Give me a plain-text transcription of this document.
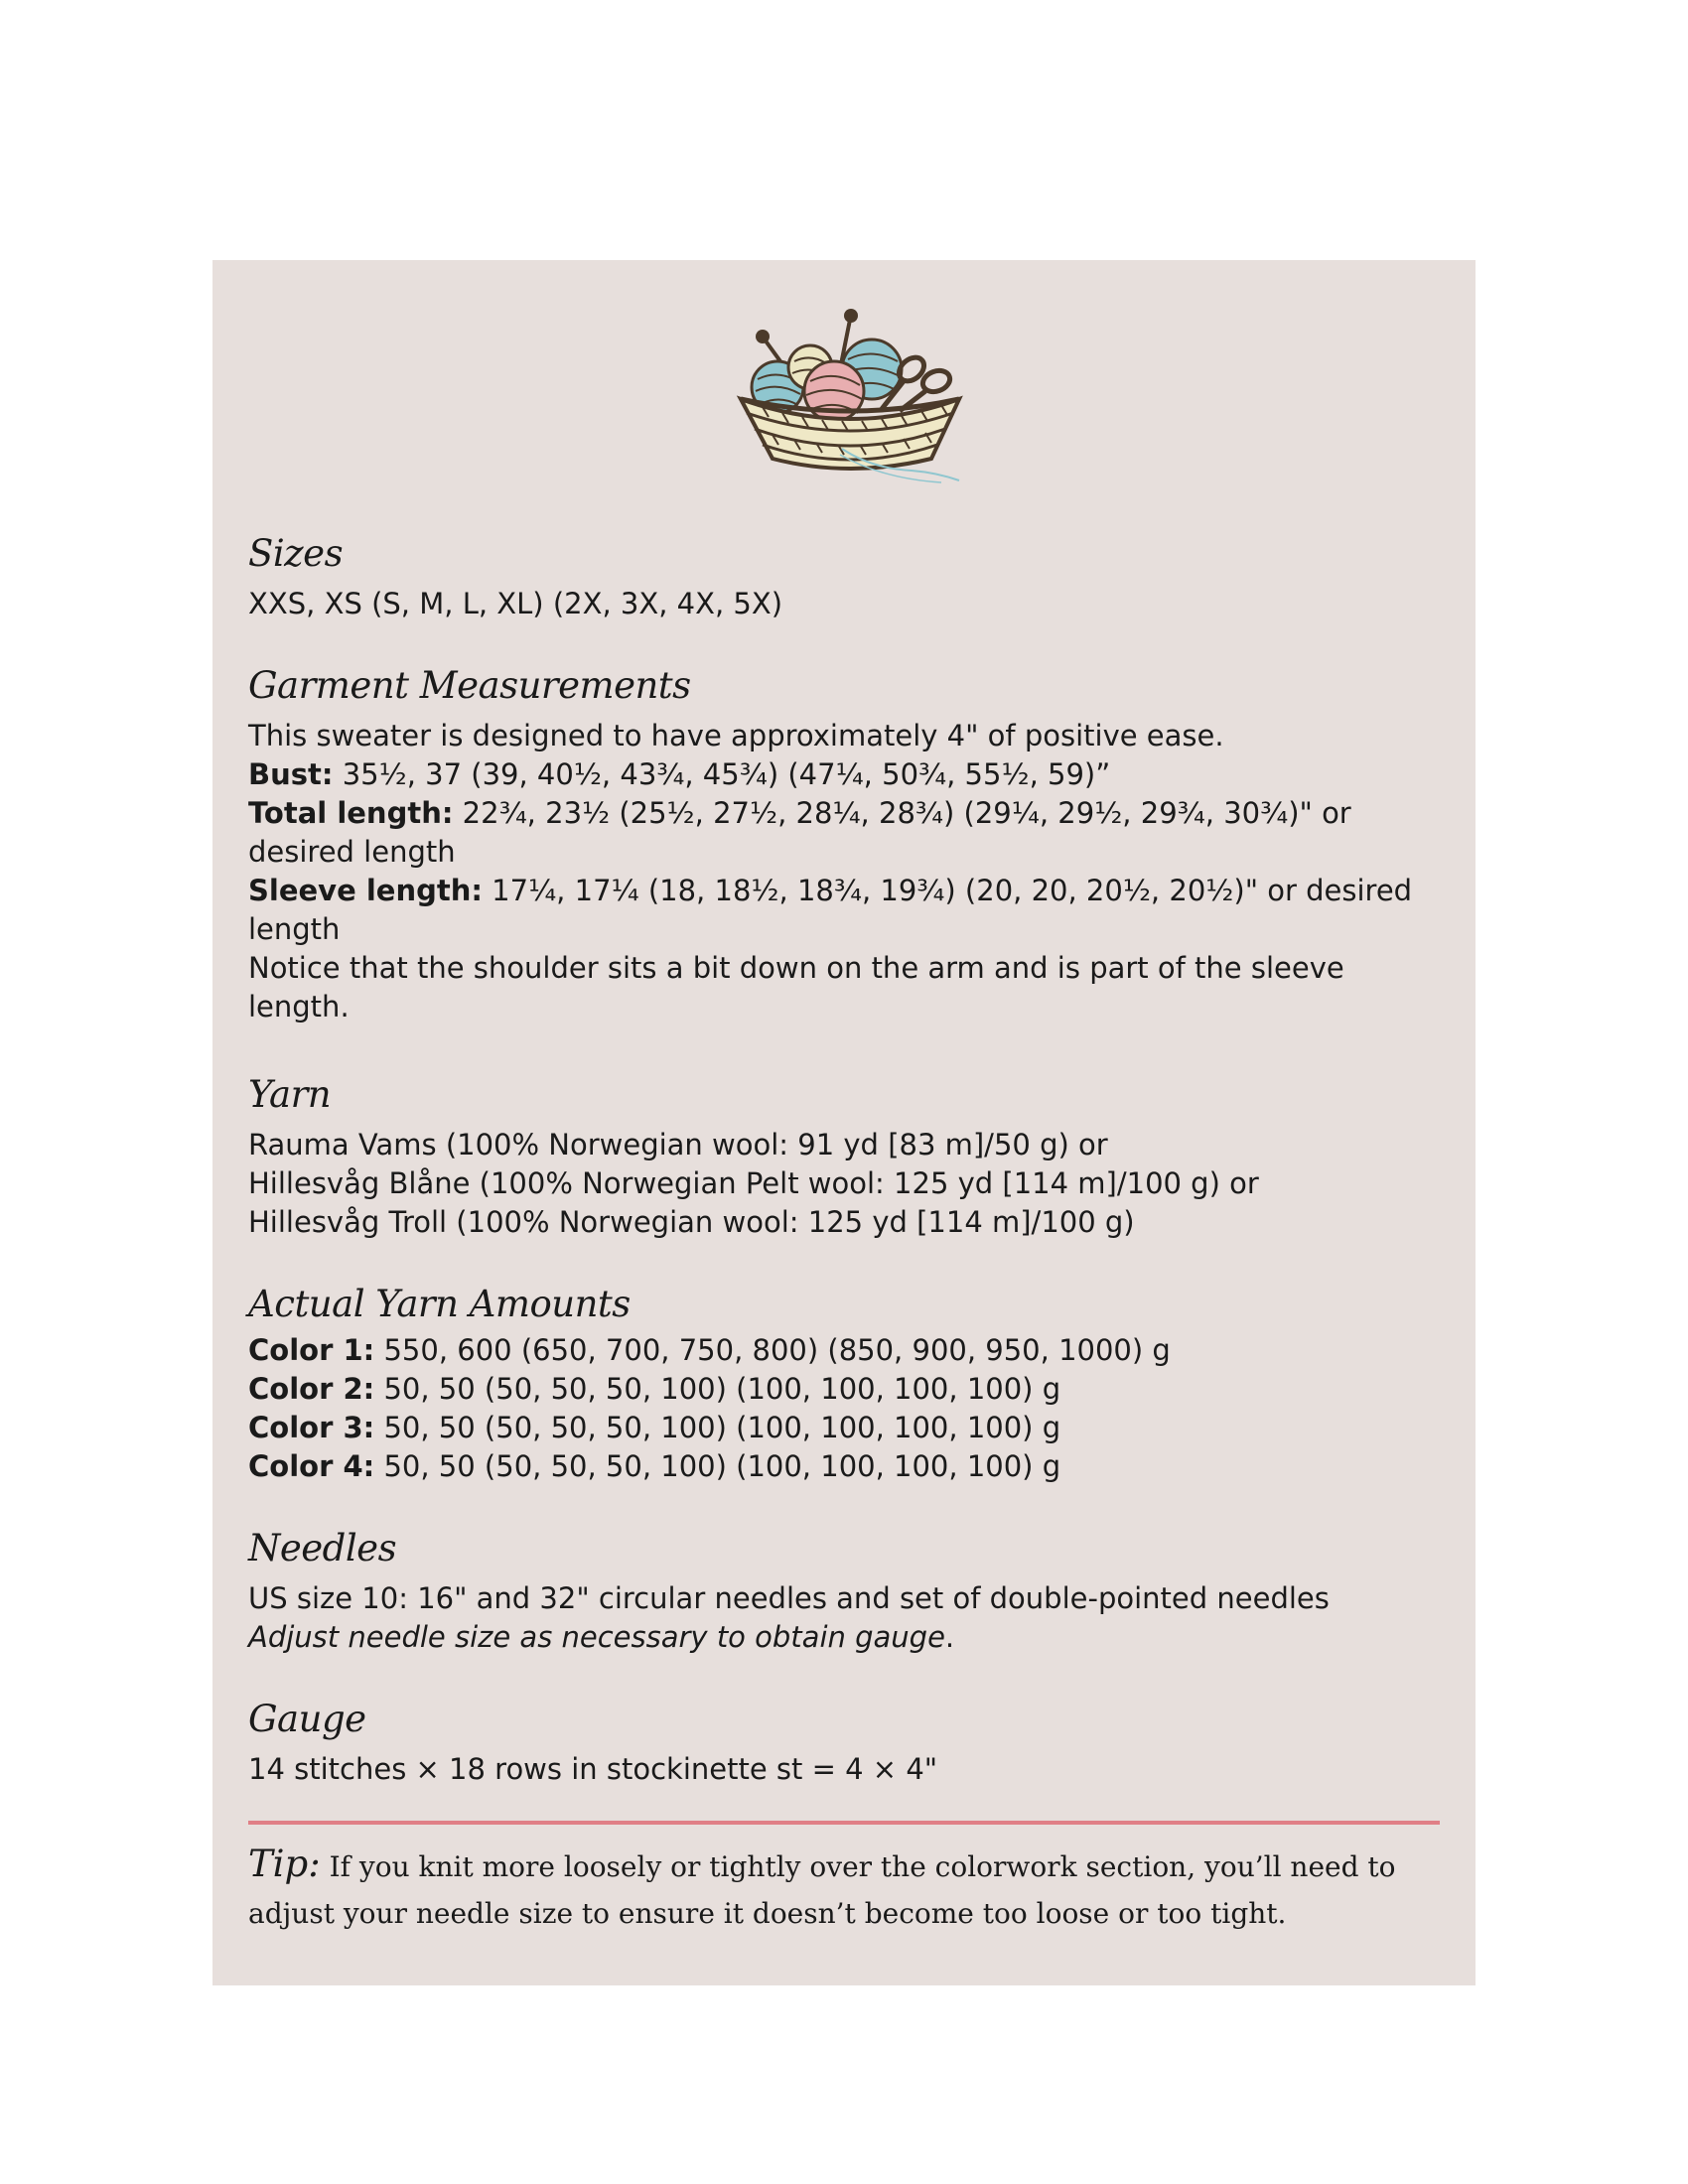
Sizes
XXS, XS (S, M, L, XL) (2X, 3X, 4X, 5X)
Garment Measurements
This sweater is designed to have approximately 4" of positive ease.
Bust: 35½, 37 (39, 40½, 43¾, 45¾) (47¼, 50¾, 55½, 59)”
Total length: 22¾, 23½ (25½, 27½, 28¼, 28¾) (29¼, 29½, 29¾, 30¾)" or desired length
Sleeve length: 17¼, 17¼ (18, 18½, 18¾, 19¾) (20, 20, 20½, 20½)" or desired length
Notice that the shoulder sits a bit down on the arm and is part of the sleeve length.
Yarn
Rauma Vams (100% Norwegian wool: 91 yd [83 m]/50 g) or
Hillesvåg Blåne (100% Norwegian Pelt wool: 125 yd [114 m]/100 g) or
Hillesvåg Troll (100% Norwegian wool: 125 yd [114 m]/100 g)
Actual Yarn Amounts
Color 1: 550, 600 (650, 700, 750, 800) (850, 900, 950, 1000) g
Color 2: 50, 50 (50, 50, 50, 100) (100, 100, 100, 100) g
Color 3: 50, 50 (50, 50, 50, 100) (100, 100, 100, 100) g
Color 4: 50, 50 (50, 50, 50, 100) (100, 100, 100, 100) g
Needles
US size 10: 16" and 32" circular needles and set of double-pointed needles
Adjust needle size as necessary to obtain gauge.
Gauge
14 stitches × 18 rows in stockinette st = 4 × 4"
Tip: If you knit more loosely or tightly over the colorwork section, you’ll need to adjust your needle size to ensure it doesn’t become too loose or too tight.
